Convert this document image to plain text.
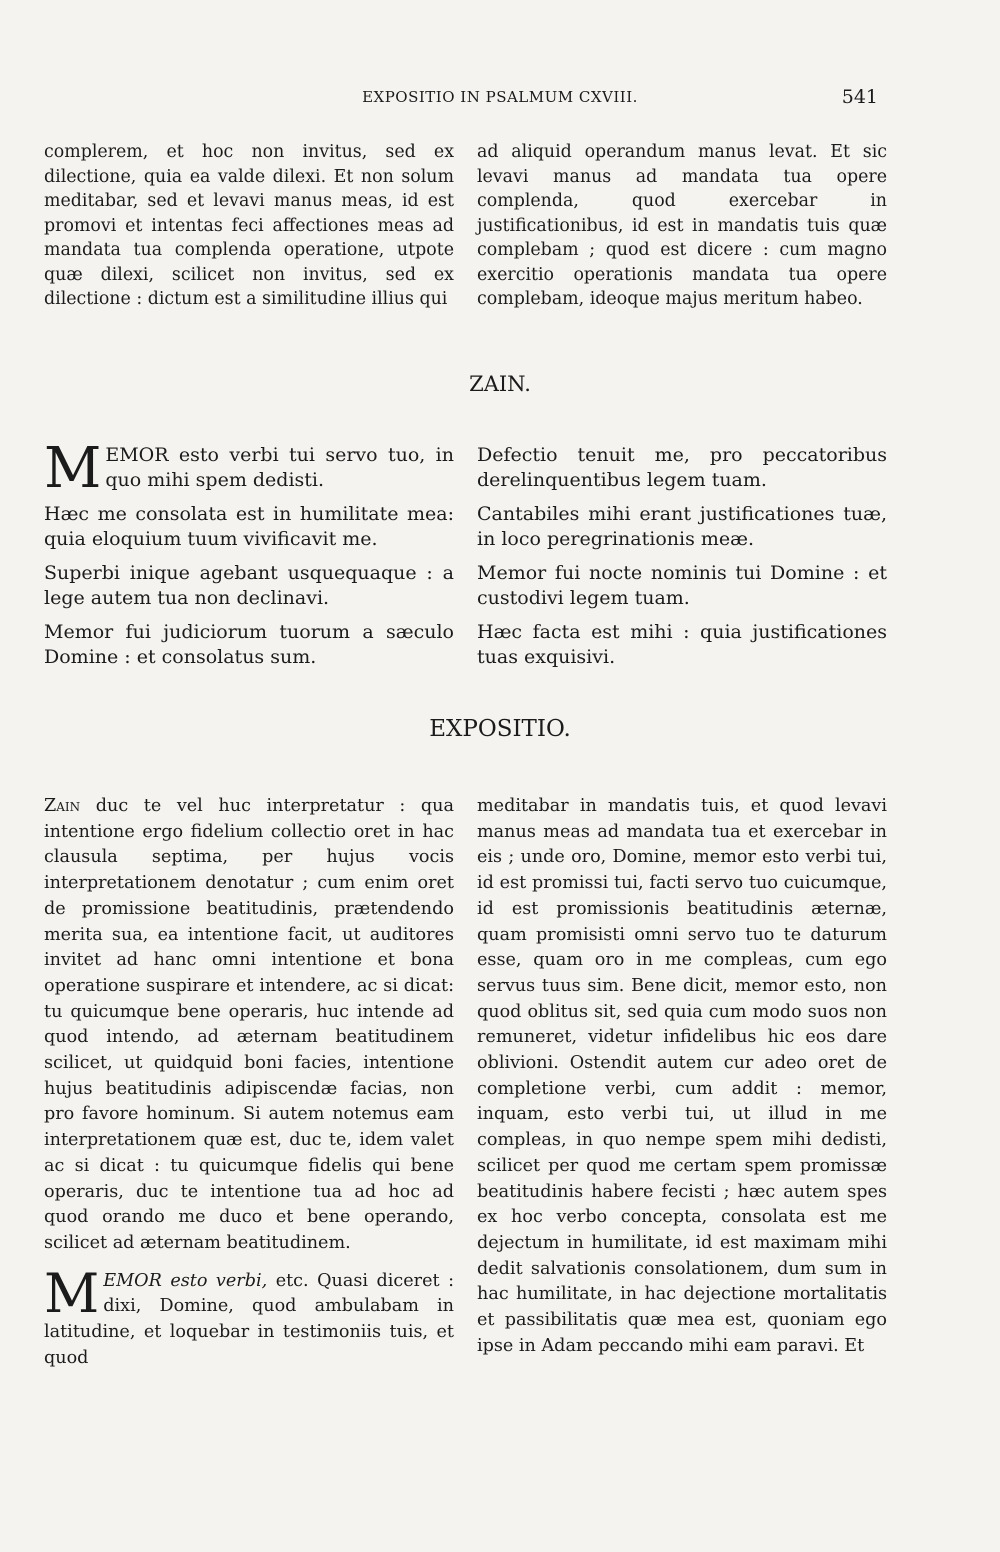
EXPOSITIO IN PSALMUM CXVIII.	541

complerem, et hoc non invitus, sed ex dilectione, quia ea valde dilexi. Et non solum meditabar, sed et levavi manus meas, id est promovi et intentas feci affectiones meas ad mandata tua complenda operatione, utpote quæ dilexi, scilicet non invitus, sed ex dilectione : dictum est a similitudine illius qui

ad aliquid operandum manus levat. Et sic levavi manus ad mandata tua opere complenda, quod exercebar in justificationibus, id est in mandatis tuis quæ complebam ; quod est dicere : cum magno exercitio operationis mandata tua opere complebam, ideoque majus meritum habeo.

ZAIN.

MEMOR esto verbi tui servo tuo, in quo mihi spem dedisti.

Hæc me consolata est in humilitate mea: quia eloquium tuum vivificavit me.

Superbi inique agebant usquequaque : a lege autem tua non declinavi.

Memor fui judiciorum tuorum a sæculo Domine : et consolatus sum.

Defectio tenuit me, pro peccatoribus derelinquentibus legem tuam.

Cantabiles mihi erant justificationes tuæ, in loco peregrinationis meæ.

Memor fui nocte nominis tui Domine : et custodivi legem tuam.

Hæc facta est mihi : quia justificationes tuas exquisivi.

EXPOSITIO.

Zain duc te vel huc interpretatur : qua intentione ergo fidelium collectio oret in hac clausula septima, per hujus vocis interpretationem denotatur ; cum enim oret de promissione beatitudinis, prætendendo merita sua, ea intentione facit, ut auditores invitet ad hanc omni intentione et bona operatione suspirare et intendere, ac si dicat: tu quicumque bene operaris, huc intende ad quod intendo, ad æternam beatitudinem scilicet, ut quidquid boni facies, intentione hujus beatitudinis adipiscendæ facias, non pro favore hominum. Si autem notemus eam interpretationem quæ est, duc te, idem valet ac si dicat : tu quicumque fidelis qui bene operaris, duc te intentione tua ad hoc ad quod orando me duco et bene operando, scilicet ad æternam beatitudinem.

MEMOR esto verbi, etc. Quasi diceret : dixi, Domine, quod ambulabam in latitudine, et loquebar in testimoniis tuis, et quod

meditabar in mandatis tuis, et quod levavi manus meas ad mandata tua et exercebar in eis ; unde oro, Domine, memor esto verbi tui, id est promissi tui, facti servo tuo cuicumque, id est promissionis beatitudinis æternæ, quam promisisti omni servo tuo te daturum esse, quam oro in me compleas, cum ego servus tuus sim. Bene dicit, memor esto, non quod oblitus sit, sed quia cum modo suos non remuneret, videtur infidelibus hic eos dare oblivioni. Ostendit autem cur adeo oret de completione verbi, cum addit : memor, inquam, esto verbi tui, ut illud in me compleas, in quo nempe spem mihi dedisti, scilicet per quod me certam spem promissæ beatitudinis habere fecisti ; hæc autem spes ex hoc verbo concepta, consolata est me dejectum in humilitate, id est maximam mihi dedit salvationis consolationem, dum sum in hac humilitate, in hac dejectione mortalitatis et passibilitatis quæ mea est, quoniam ego ipse in Adam peccando mihi eam paravi. Et
